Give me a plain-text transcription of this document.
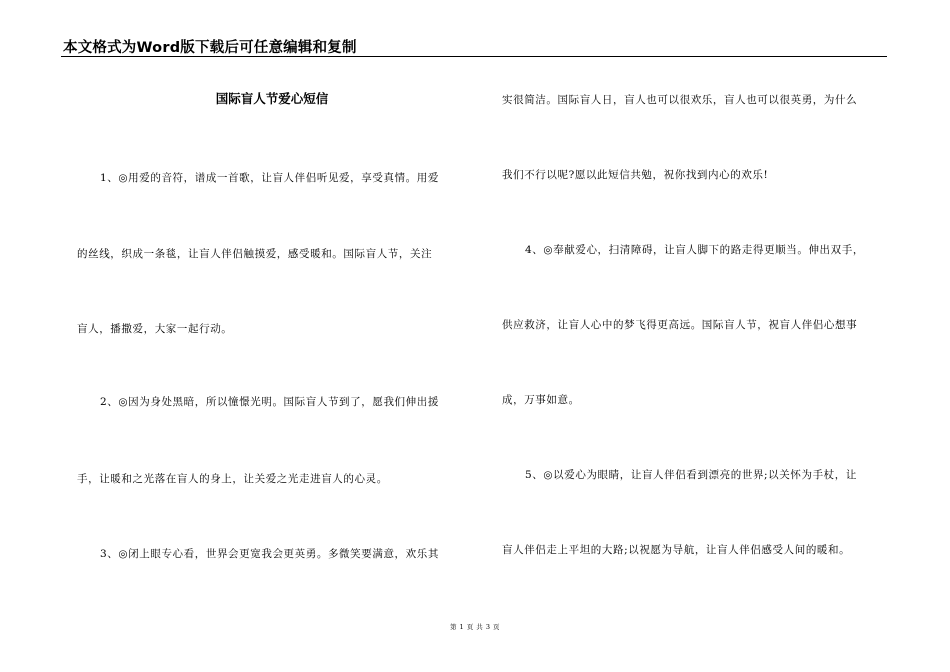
本文格式为Word版下载后可任意编辑和复制
国际盲人节爱心短信
1、◎用爱的音符，谱成一首歌，让盲人伴侣听见爱，享受真情。用爱
的丝线，织成一条毯，让盲人伴侣触摸爱，感受暖和。国际盲人节，关注
盲人，播撒爱，大家一起行动。
2、◎因为身处黑暗，所以憧憬光明。国际盲人节到了，愿我们伸出援
手，让暖和之光落在盲人的身上，让关爱之光走进盲人的心灵。
3、◎闭上眼专心看，世界会更宽我会更英勇。多微笑要满意，欢乐其
实很简洁。国际盲人日，盲人也可以很欢乐，盲人也可以很英勇，为什么
我们不行以呢?愿以此短信共勉，祝你找到内心的欢乐!
4、◎奉献爱心，扫清障碍，让盲人脚下的路走得更顺当。伸出双手，
供应救济，让盲人心中的梦飞得更高远。国际盲人节，祝盲人伴侣心想事
成，万事如意。
5、◎以爱心为眼睛，让盲人伴侣看到漂亮的世界;以关怀为手杖，让
盲人伴侣走上平坦的大路;以祝愿为导航，让盲人伴侣感受人间的暖和。
第 1 页 共 3 页
